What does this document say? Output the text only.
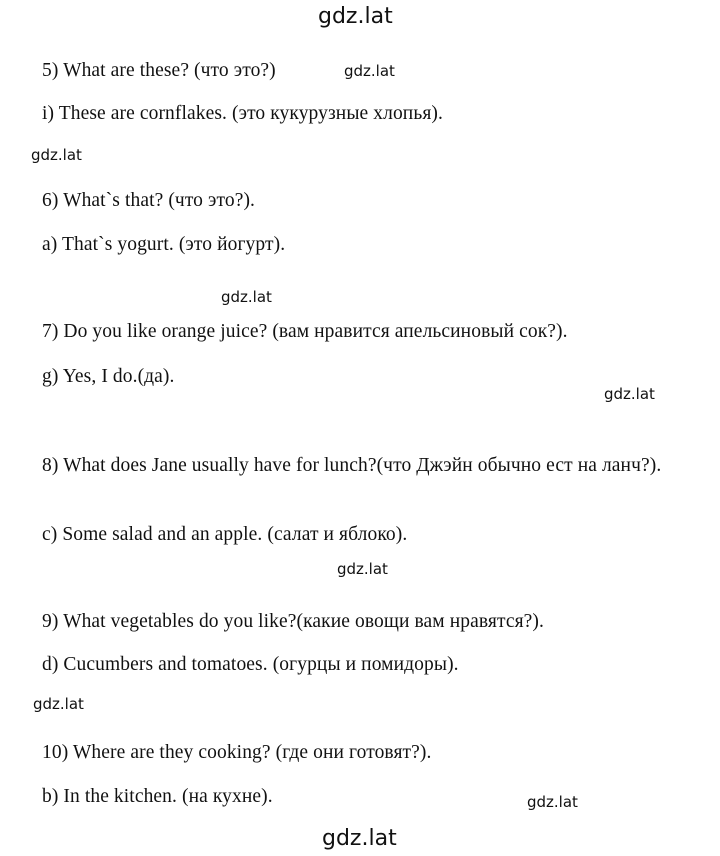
gdz.lat
5) What are these? (что это?)	gdz.lat
i) These are cornflakes. (это кукурузные хлопья).
gdz.lat
6) What`s that? (что это?).
a) That`s yogurt. (это йогурт).
gdz.lat
7) Do you like orange juice? (вам нравится апельсиновый сок?).
g) Yes, I do.(да).
gdz.lat
8) What does Jane usually have for lunch?(что Джэйн обычно ест на ланч?).
c) Some salad and an apple. (салат и яблоко).
gdz.lat
9) What vegetables do you like?(какие овощи вам нравятся?).
d) Cucumbers and tomatoes. (огурцы и помидоры).
gdz.lat
10) Where are they cooking? (где они готовят?).
b) In the kitchen. (на кухне).	gdz.lat
gdz.lat
